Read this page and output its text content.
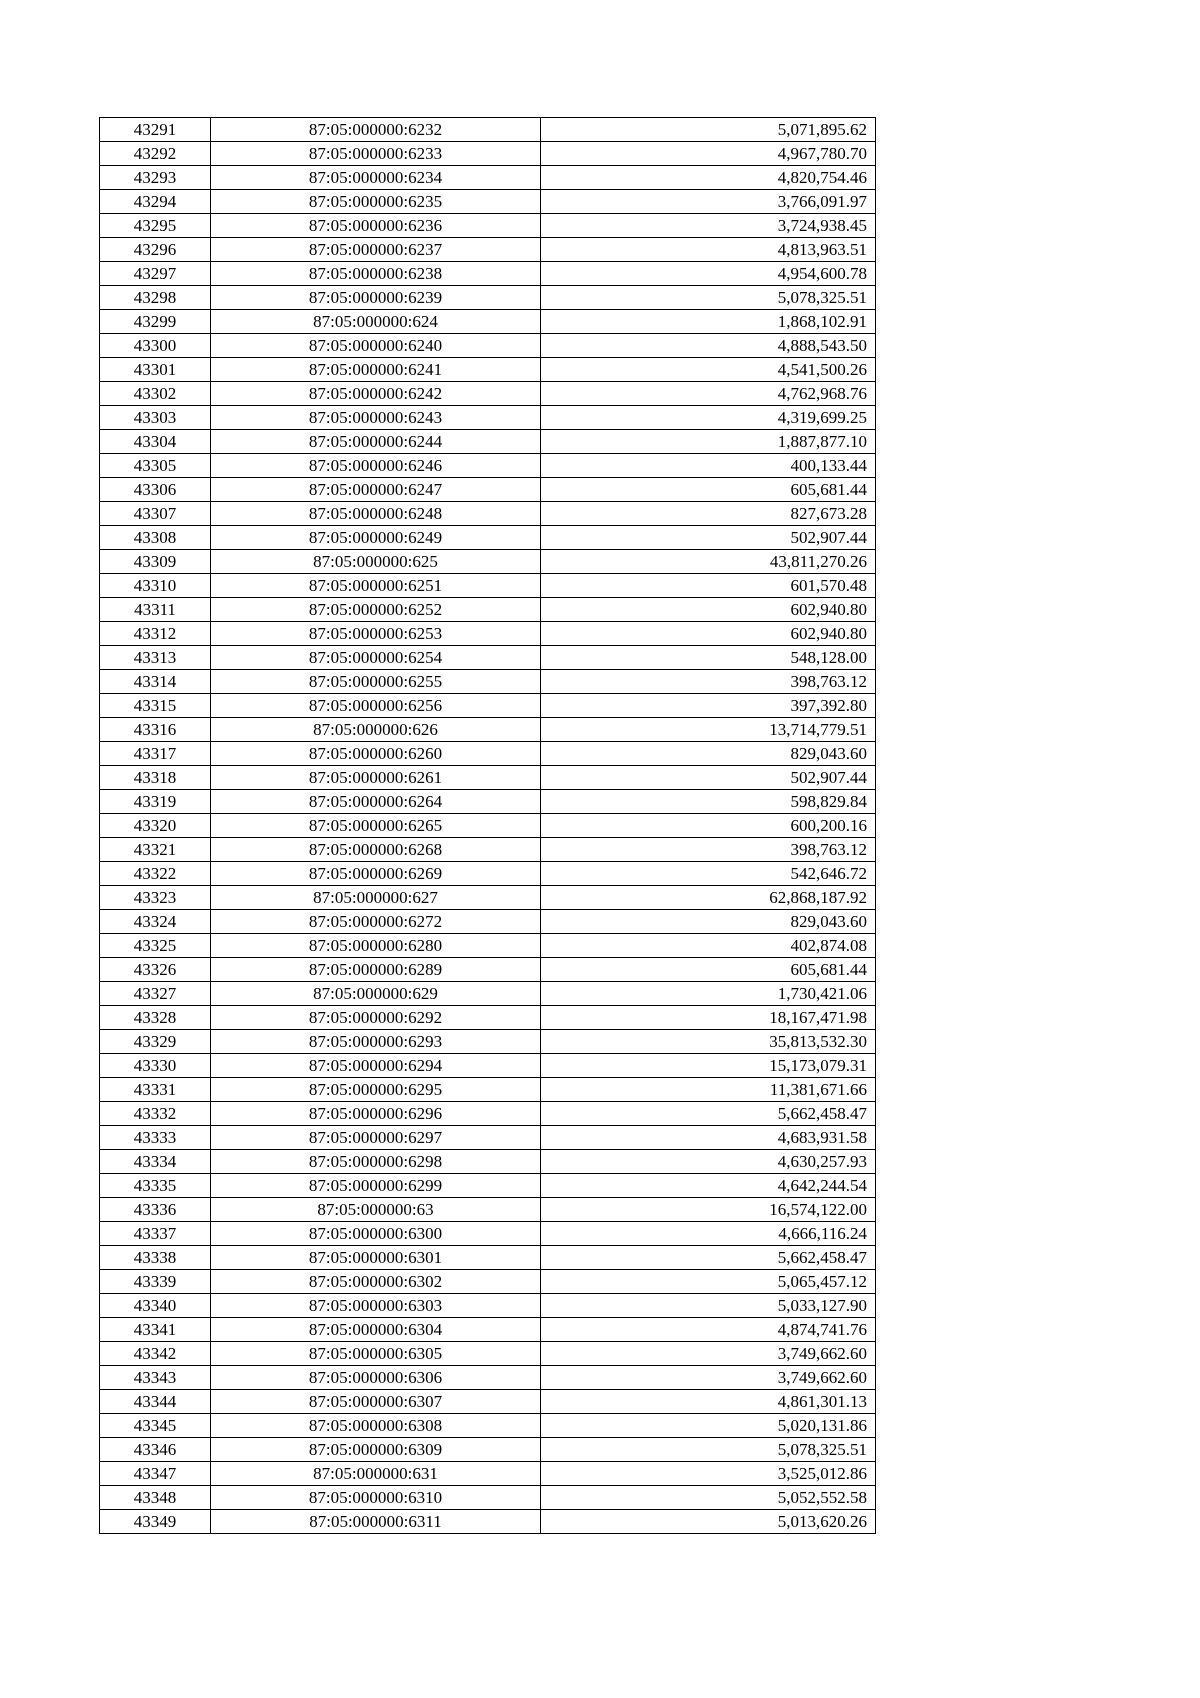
43291	87:05:000000:6232	5,071,895.62
43292	87:05:000000:6233	4,967,780.70
43293	87:05:000000:6234	4,820,754.46
43294	87:05:000000:6235	3,766,091.97
43295	87:05:000000:6236	3,724,938.45
43296	87:05:000000:6237	4,813,963.51
43297	87:05:000000:6238	4,954,600.78
43298	87:05:000000:6239	5,078,325.51
43299	87:05:000000:624	1,868,102.91
43300	87:05:000000:6240	4,888,543.50
43301	87:05:000000:6241	4,541,500.26
43302	87:05:000000:6242	4,762,968.76
43303	87:05:000000:6243	4,319,699.25
43304	87:05:000000:6244	1,887,877.10
43305	87:05:000000:6246	400,133.44
43306	87:05:000000:6247	605,681.44
43307	87:05:000000:6248	827,673.28
43308	87:05:000000:6249	502,907.44
43309	87:05:000000:625	43,811,270.26
43310	87:05:000000:6251	601,570.48
43311	87:05:000000:6252	602,940.80
43312	87:05:000000:6253	602,940.80
43313	87:05:000000:6254	548,128.00
43314	87:05:000000:6255	398,763.12
43315	87:05:000000:6256	397,392.80
43316	87:05:000000:626	13,714,779.51
43317	87:05:000000:6260	829,043.60
43318	87:05:000000:6261	502,907.44
43319	87:05:000000:6264	598,829.84
43320	87:05:000000:6265	600,200.16
43321	87:05:000000:6268	398,763.12
43322	87:05:000000:6269	542,646.72
43323	87:05:000000:627	62,868,187.92
43324	87:05:000000:6272	829,043.60
43325	87:05:000000:6280	402,874.08
43326	87:05:000000:6289	605,681.44
43327	87:05:000000:629	1,730,421.06
43328	87:05:000000:6292	18,167,471.98
43329	87:05:000000:6293	35,813,532.30
43330	87:05:000000:6294	15,173,079.31
43331	87:05:000000:6295	11,381,671.66
43332	87:05:000000:6296	5,662,458.47
43333	87:05:000000:6297	4,683,931.58
43334	87:05:000000:6298	4,630,257.93
43335	87:05:000000:6299	4,642,244.54
43336	87:05:000000:63	16,574,122.00
43337	87:05:000000:6300	4,666,116.24
43338	87:05:000000:6301	5,662,458.47
43339	87:05:000000:6302	5,065,457.12
43340	87:05:000000:6303	5,033,127.90
43341	87:05:000000:6304	4,874,741.76
43342	87:05:000000:6305	3,749,662.60
43343	87:05:000000:6306	3,749,662.60
43344	87:05:000000:6307	4,861,301.13
43345	87:05:000000:6308	5,020,131.86
43346	87:05:000000:6309	5,078,325.51
43347	87:05:000000:631	3,525,012.86
43348	87:05:000000:6310	5,052,552.58
43349	87:05:000000:6311	5,013,620.26
